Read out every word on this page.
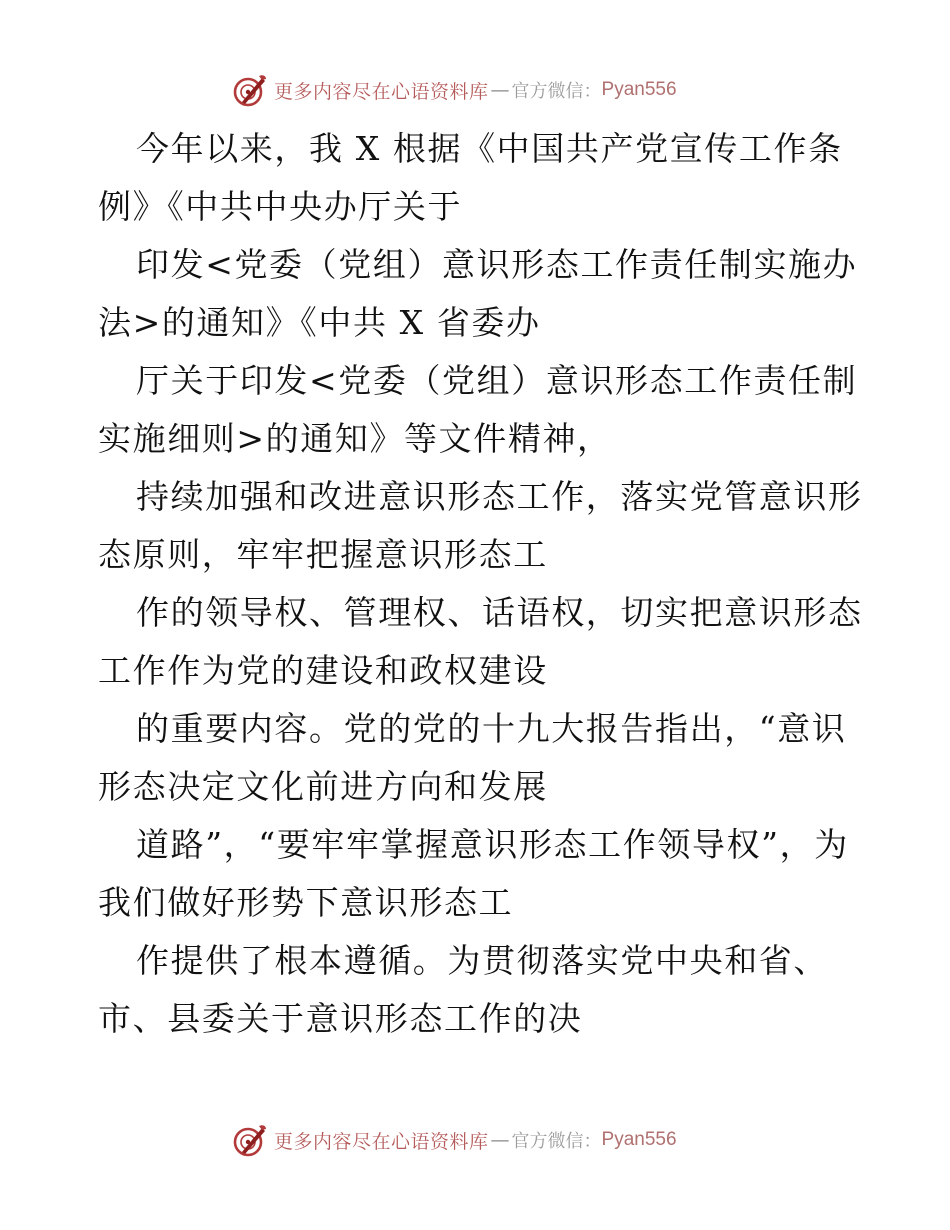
更多内容尽在心语资料库 — 官方微信： Pyan556

今年以来，我 X 根据《中国共产党宣传工作条
例》《中共中央办厅关于

印发<党委（党组）意识形态工作责任制实施办
法>的通知》《中共 X 省委办

厅关于印发<党委（党组）意识形态工作责任制
实施细则>的通知》等文件精神，

持续加强和改进意识形态工作，落实党管意识形
态原则，牢牢把握意识形态工

作的领导权、管理权、话语权，切实把意识形态
工作作为党的建设和政权建设

的重要内容。党的党的十九大报告指出，“意识
形态决定文化前进方向和发展

道路”，“要牢牢掌握意识形态工作领导权”，为
我们做好形势下意识形态工

作提供了根本遵循。为贯彻落实党中央和省、
市、县委关于意识形态工作的决

更多内容尽在心语资料库 — 官方微信： Pyan556
